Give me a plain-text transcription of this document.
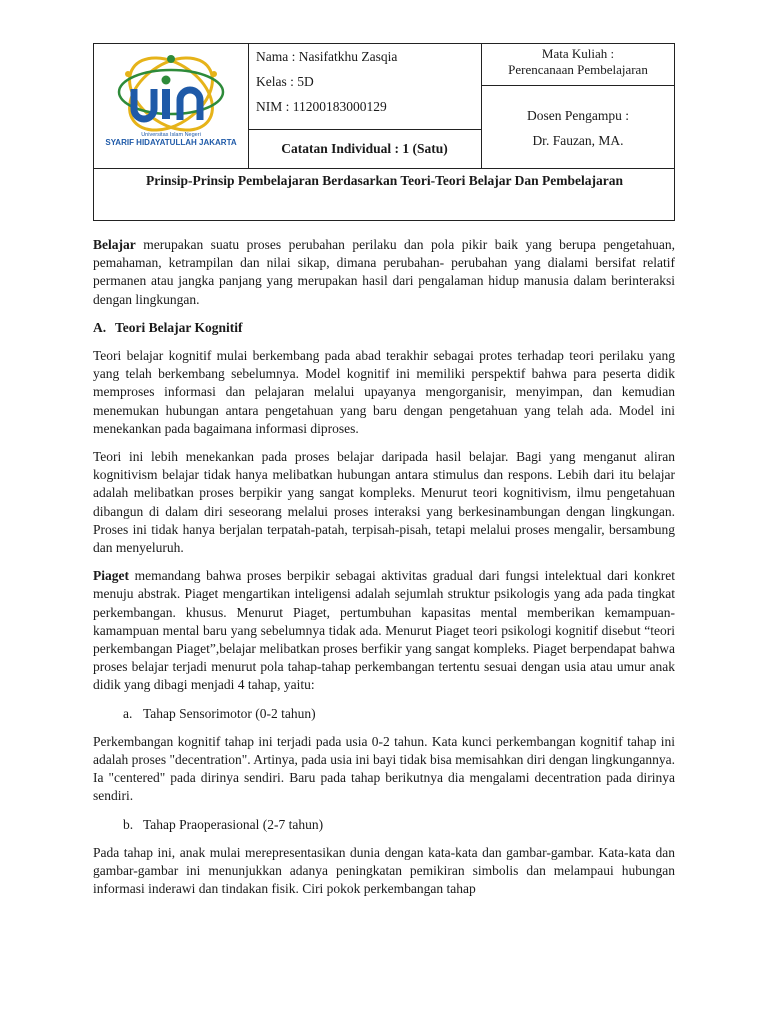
Universitas Islam Negeri
SYARIF HIDAYATULLAH JAKARTA
Nama : Nasifatkhu Zasqia
Kelas : 5D
NIM : 11200183000129
Catatan Individual : 1 (Satu)
Mata Kuliah :
Perencanaan Pembelajaran
Dosen Pengampu :
Dr. Fauzan, MA.
Prinsip-Prinsip Pembelajaran Berdasarkan Teori-Teori Belajar Dan Pembelajaran

Belajar merupakan suatu proses perubahan perilaku dan pola pikir baik yang berupa pengetahuan, pemahaman, ketrampilan dan nilai sikap, dimana perubahan- perubahan yang dialami bersifat relatif permanen atau jangka panjang yang merupakan hasil dari pengalaman hidup manusia dalam berinteraksi dengan lingkungan.

A. Teori Belajar Kognitif

Teori belajar kognitif mulai berkembang pada abad terakhir sebagai protes terhadap teori perilaku yang yang telah berkembang sebelumnya. Model kognitif ini memiliki perspektif bahwa para peserta didik memproses informasi dan pelajaran melalui upayanya mengorganisir, menyimpan, dan kemudian menemukan hubungan antara pengetahuan yang baru dengan pengetahuan yang telah ada. Model ini menekankan pada bagaimana informasi diproses.

Teori ini lebih menekankan pada proses belajar daripada hasil belajar. Bagi yang menganut aliran kognitivism belajar tidak hanya melibatkan hubungan antara stimulus dan respons. Lebih dari itu belajar adalah melibatkan proses berpikir yang sangat kompleks. Menurut teori kognitivism, ilmu pengetahuan dibangun di dalam diri seseorang melalui proses interaksi yang berkesinambungan dengan lingkungan. Proses ini tidak hanya berjalan terpatah-patah, terpisah-pisah, tetapi melalui proses mengalir, bersambung dan menyeluruh.

Piaget memandang bahwa proses berpikir sebagai aktivitas gradual dari fungsi intelektual dari konkret menuju abstrak. Piaget mengartikan inteligensi adalah sejumlah struktur psikologis yang ada pada tingkat perkembangan. khusus. Menurut Piaget, pertumbuhan kapasitas mental memberikan kemampuan-kamampuan mental baru yang sebelumnya tidak ada. Menurut Piaget teori psikologi kognitif disebut “teori perkembangan Piaget”,belajar melibatkan proses berfikir yang sangat kompleks. Piaget berpendapat bahwa proses belajar terjadi menurut pola tahap-tahap perkembangan tertentu sesuai dengan usia atau umur anak didik yang dibagi menjadi 4 tahap, yaitu:

a. Tahap Sensorimotor (0-2 tahun)

Perkembangan kognitif tahap ini terjadi pada usia 0-2 tahun. Kata kunci perkembangan kognitif tahap ini adalah proses "decentration". Artinya, pada usia ini bayi tidak bisa memisahkan diri dengan lingkungannya. Ia "centered" pada dirinya sendiri. Baru pada tahap berikutnya dia mengalami decentration pada dirinya sendiri.

b. Tahap Praoperasional (2-7 tahun)

Pada tahap ini, anak mulai merepresentasikan dunia dengan kata-kata dan gambar-gambar. Kata-kata dan gambar-gambar ini menunjukkan adanya peningkatan pemikiran simbolis dan melampaui hubungan informasi inderawi dan tindakan fisik. Ciri pokok perkembangan tahap
